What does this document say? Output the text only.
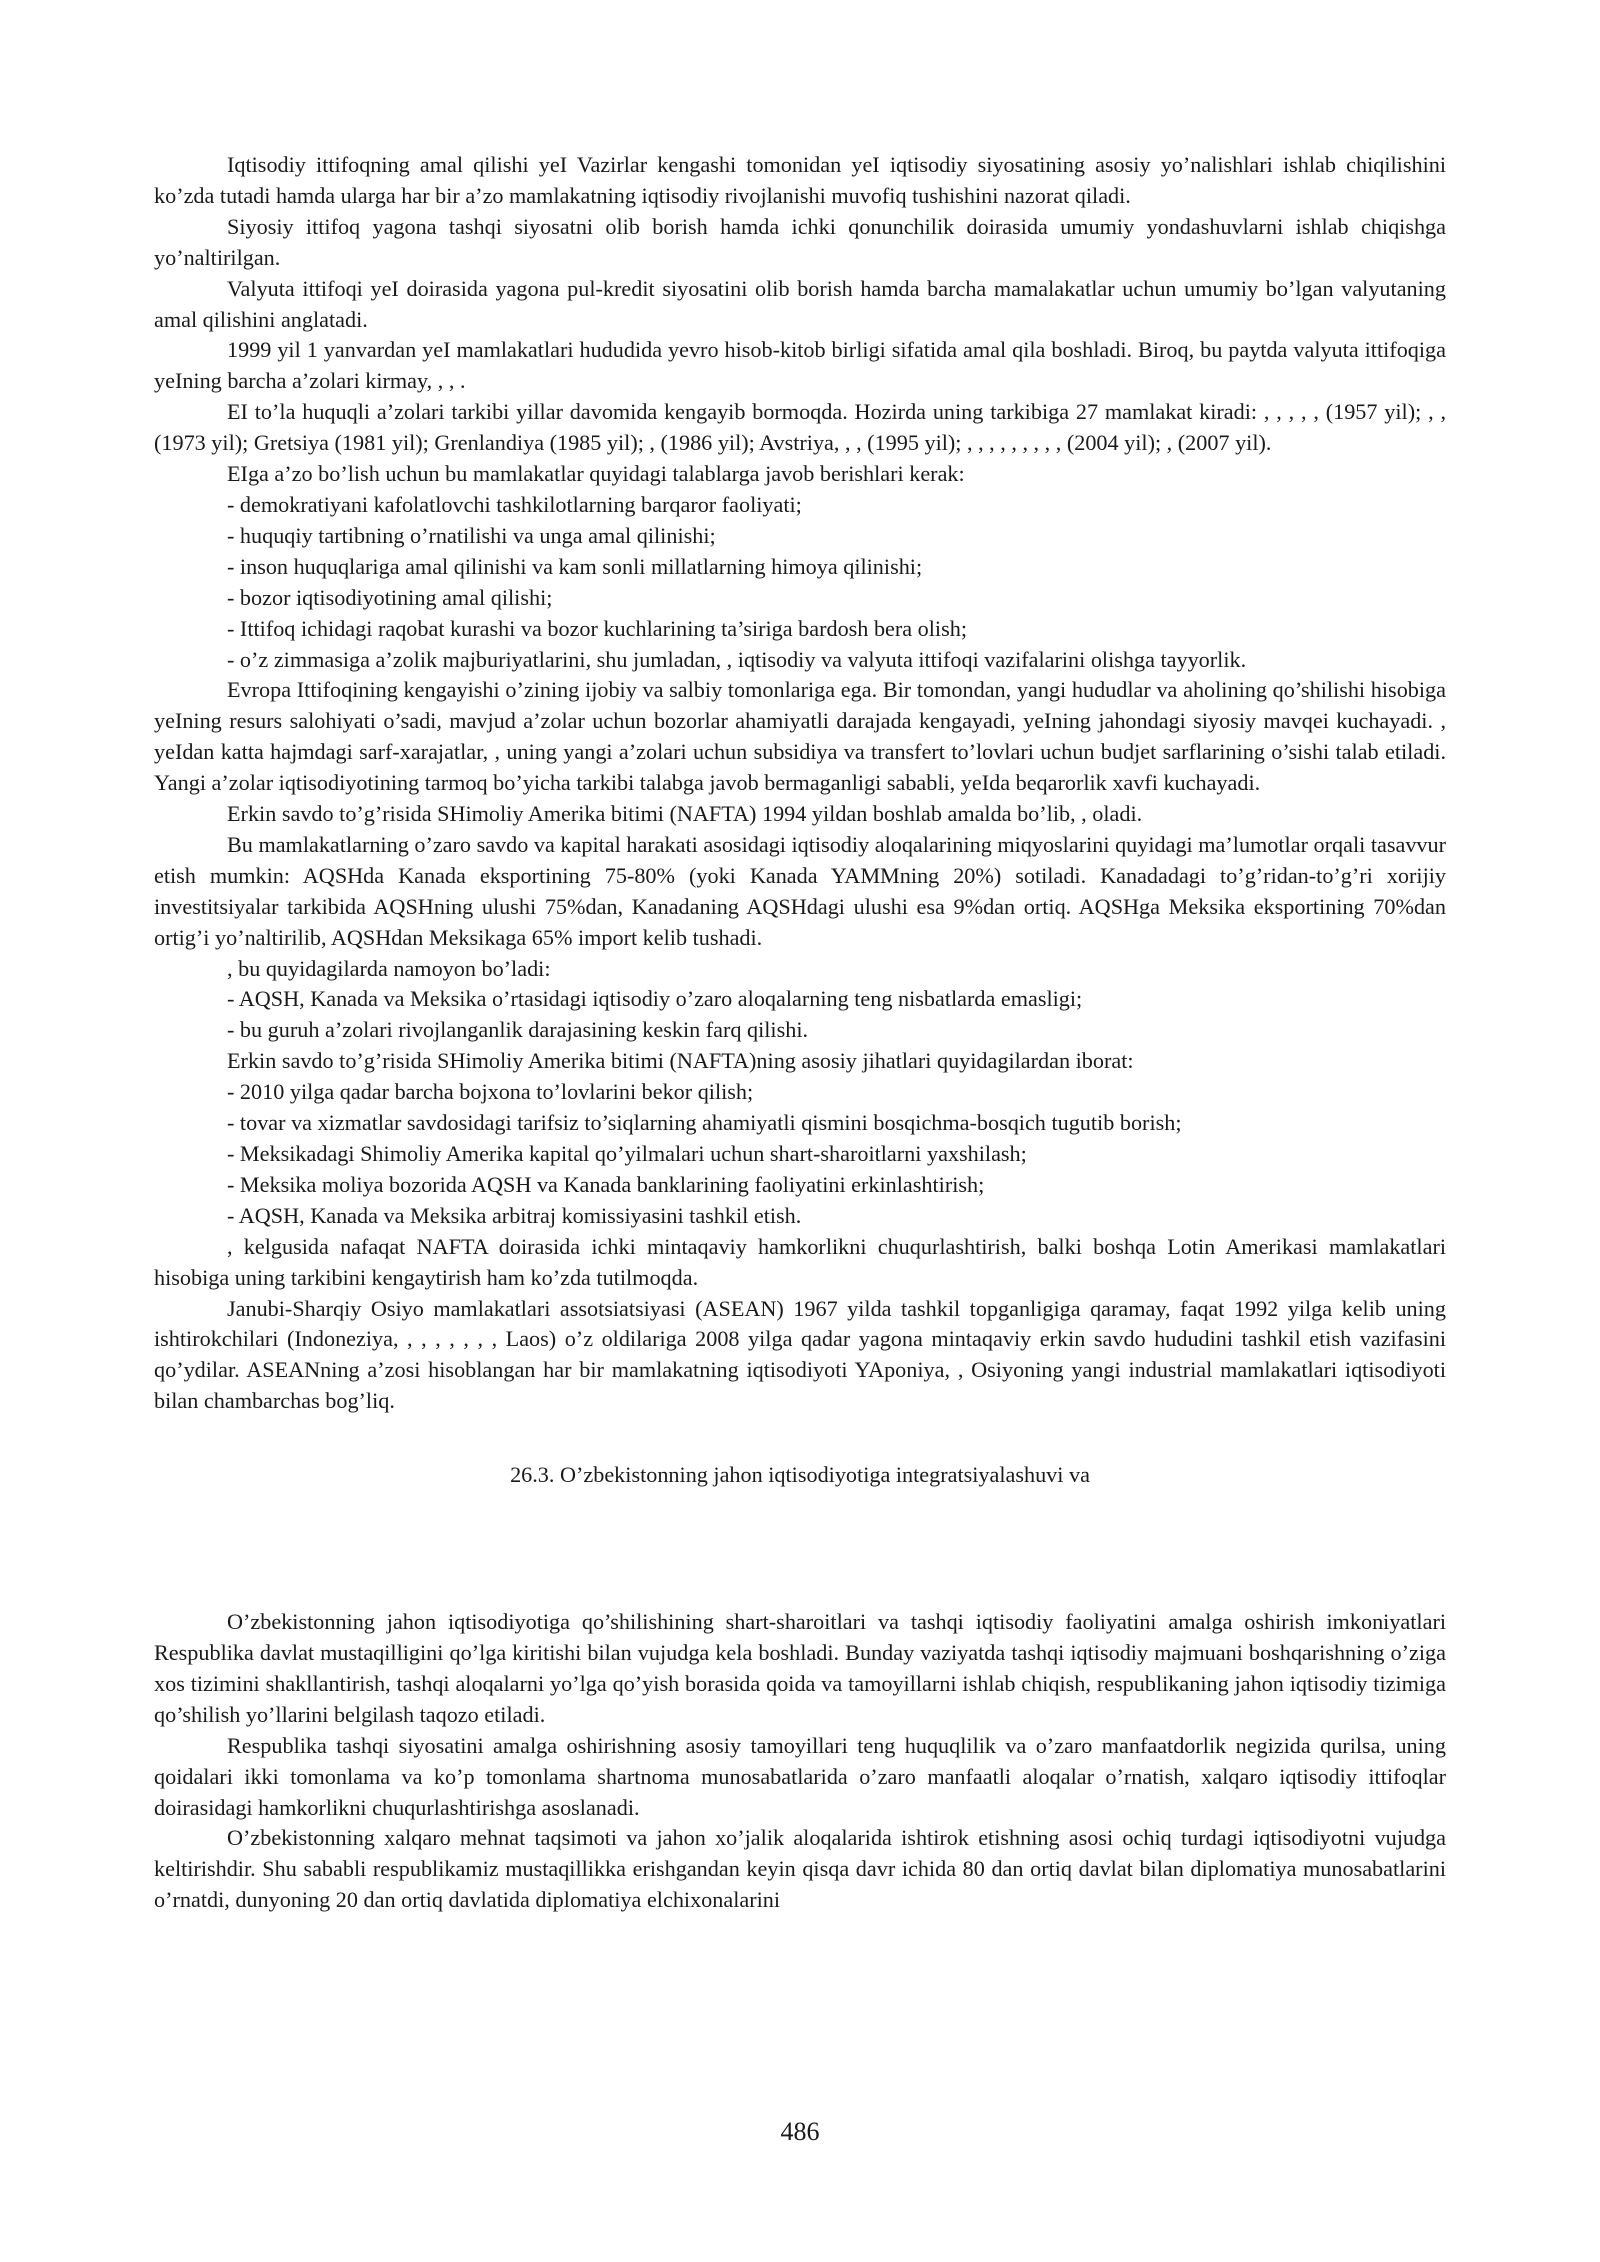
Iqtisodiy ittifoqning amal qilishi yeI Vazirlar kengashi tomonidan yeI iqtisodiy siyosatining asosiy yo’nalishlari ishlab chiqilishini ko’zda tutadi hamda ularga har bir a’zo mamlakatning iqtisodiy rivojlanishi muvofiq tushishini nazorat qiladi.

Siyosiy ittifoq yagona tashqi siyosatni olib borish hamda ichki qonunchilik doirasida umumiy yondashuvlarni ishlab chiqishga yo’naltirilgan.

Valyuta ittifoqi yeI doirasida yagona pul-kredit siyosatini olib borish hamda barcha mamalakatlar uchun umumiy bo’lgan valyutaning amal qilishini anglatadi.

1999 yil 1 yanvardan yeI mamlakatlari hududida yevro hisob-kitob birligi sifatida amal qila boshladi. Biroq, bu paytda valyuta ittifoqiga yeIning barcha a’zolari kirmay, , , .

EI to’la huquqli a’zolari tarkibi yillar davomida kengayib bormoqda. Hozirda uning tarkibiga 27 mamlakat kiradi: , , , , , (1957 yil); , , (1973 yil); Gretsiya (1981 yil); Grenlandiya (1985 yil); , (1986 yil); Avstriya, , , (1995 yil); , , , , , , , , , (2004 yil); , (2007 yil).

EIga a’zo bo’lish uchun bu mamlakatlar quyidagi talablarga javob berishlari kerak:

- demokratiyani kafolatlovchi tashkilotlarning barqaror faoliyati;

- huquqiy tartibning o’rnatilishi va unga amal qilinishi;

- inson huquqlariga amal qilinishi va kam sonli millatlarning himoya qilinishi;

- bozor iqtisodiyotining amal qilishi;

- Ittifoq ichidagi raqobat kurashi va bozor kuchlarining ta’siriga bardosh bera olish;

- o’z zimmasiga a’zolik majburiyatlarini, shu jumladan, , iqtisodiy va valyuta ittifoqi vazifalarini olishga tayyorlik.

Evropa Ittifoqining kengayishi o’zining ijobiy va salbiy tomonlariga ega. Bir tomondan, yangi hududlar va aholining qo’shilishi hisobiga yeIning resurs salohiyati o’sadi, mavjud a’zolar uchun bozorlar ahamiyatli darajada kengayadi, yeIning jahondagi siyosiy mavqei kuchayadi. , yeIdan katta hajmdagi sarf-xarajatlar, , uning yangi a’zolari uchun subsidiya va transfert to’lovlari uchun budjet sarflarining o’sishi talab etiladi. Yangi a’zolar iqtisodiyotining tarmoq bo’yicha tarkibi talabga javob bermaganligi sababli, yeIda beqarorlik xavfi kuchayadi.

Erkin savdo to’g’risida SHimoliy Amerika bitimi (NAFTA) 1994 yildan boshlab amalda bo’lib, , oladi.

Bu mamlakatlarning o’zaro savdo va kapital harakati asosidagi iqtisodiy aloqalarining miqyoslarini quyidagi ma’lumotlar orqali tasavvur etish mumkin: AQSHda Kanada eksportining 75-80% (yoki Kanada YAMMning 20%) sotiladi. Kanadadagi to’g’ridan-to’g’ri xorijiy investitsiyalar tarkibida AQSHning ulushi 75%dan, Kanadaning AQSHdagi ulushi esa 9%dan ortiq. AQSHga Meksika eksportining 70%dan ortig’i yo’naltirilib, AQSHdan Meksikaga 65% import kelib tushadi.

, bu quyidagilarda namoyon bo’ladi:

- AQSH, Kanada va Meksika o’rtasidagi iqtisodiy o’zaro aloqalarning teng nisbatlarda emasligi;

- bu guruh a’zolari rivojlanganlik darajasining keskin farq qilishi.

Erkin savdo to’g’risida SHimoliy Amerika bitimi (NAFTA)ning asosiy jihatlari quyidagilardan iborat:

- 2010 yilga qadar barcha bojxona to’lovlarini bekor qilish;

- tovar va xizmatlar savdosidagi tarifsiz to’siqlarning ahamiyatli qismini bosqichma-bosqich tugutib borish;

- Meksikadagi Shimoliy Amerika kapital qo’yilmalari uchun shart-sharoitlarni yaxshilash;

- Meksika moliya bozorida AQSH va Kanada banklarining faoliyatini erkinlashtirish;

- AQSH, Kanada va Meksika arbitraj komissiyasini tashkil etish.

, kelgusida nafaqat NAFTA doirasida ichki mintaqaviy hamkorlikni chuqurlashtirish, balki boshqa Lotin Amerikasi mamlakatlari hisobiga uning tarkibini kengaytirish ham ko’zda tutilmoqda.

Janubi-Sharqiy Osiyo mamlakatlari assotsiatsiyasi (ASEAN) 1967 yilda tashkil topganligiga qaramay, faqat 1992 yilga kelib uning ishtirokchilari (Indoneziya, , , , , , , , Laos) o’z oldilariga 2008 yilga qadar yagona mintaqaviy erkin savdo hududini tashkil etish vazifasini qo’ydilar. ASEANning a’zosi hisoblangan har bir mamlakatning iqtisodiyoti YAponiya, , Osiyoning yangi industrial mamlakatlari iqtisodiyoti bilan chambarchas bog’liq.

26.3. O’zbekistonning jahon iqtisodiyotiga integratsiyalashuvi va

O’zbekistonning jahon iqtisodiyotiga qo’shilishining shart-sharoitlari va tashqi iqtisodiy faoliyatini amalga oshirish imkoniyatlari Respublika davlat mustaqilligini qo’lga kiritishi bilan vujudga kela boshladi. Bunday vaziyatda tashqi iqtisodiy majmuani boshqarishning o’ziga xos tizimini shakllantirish, tashqi aloqalarni yo’lga qo’yish borasida qoida va tamoyillarni ishlab chiqish, respublikaning jahon iqtisodiy tizimiga qo’shilish yo’llarini belgilash taqozo etiladi.

Respublika tashqi siyosatini amalga oshirishning asosiy tamoyillari teng huquqlilik va o’zaro manfaatdorlik negizida qurilsa, uning qoidalari ikki tomonlama va ko’p tomonlama shartnoma munosabatlarida o’zaro manfaatli aloqalar o’rnatish, xalqaro iqtisodiy ittifoqlar doirasidagi hamkorlikni chuqurlashtirishga asoslanadi.

O’zbekistonning xalqaro mehnat taqsimoti va jahon xo’jalik aloqalarida ishtirok etishning asosi ochiq turdagi iqtisodiyotni vujudga keltirishdir. Shu sababli respublikamiz mustaqillikka erishgandan keyin qisqa davr ichida 80 dan ortiq davlat bilan diplomatiya munosabatlarini o’rnatdi, dunyoning 20 dan ortiq davlatida diplomatiya elchixonalarini

486
